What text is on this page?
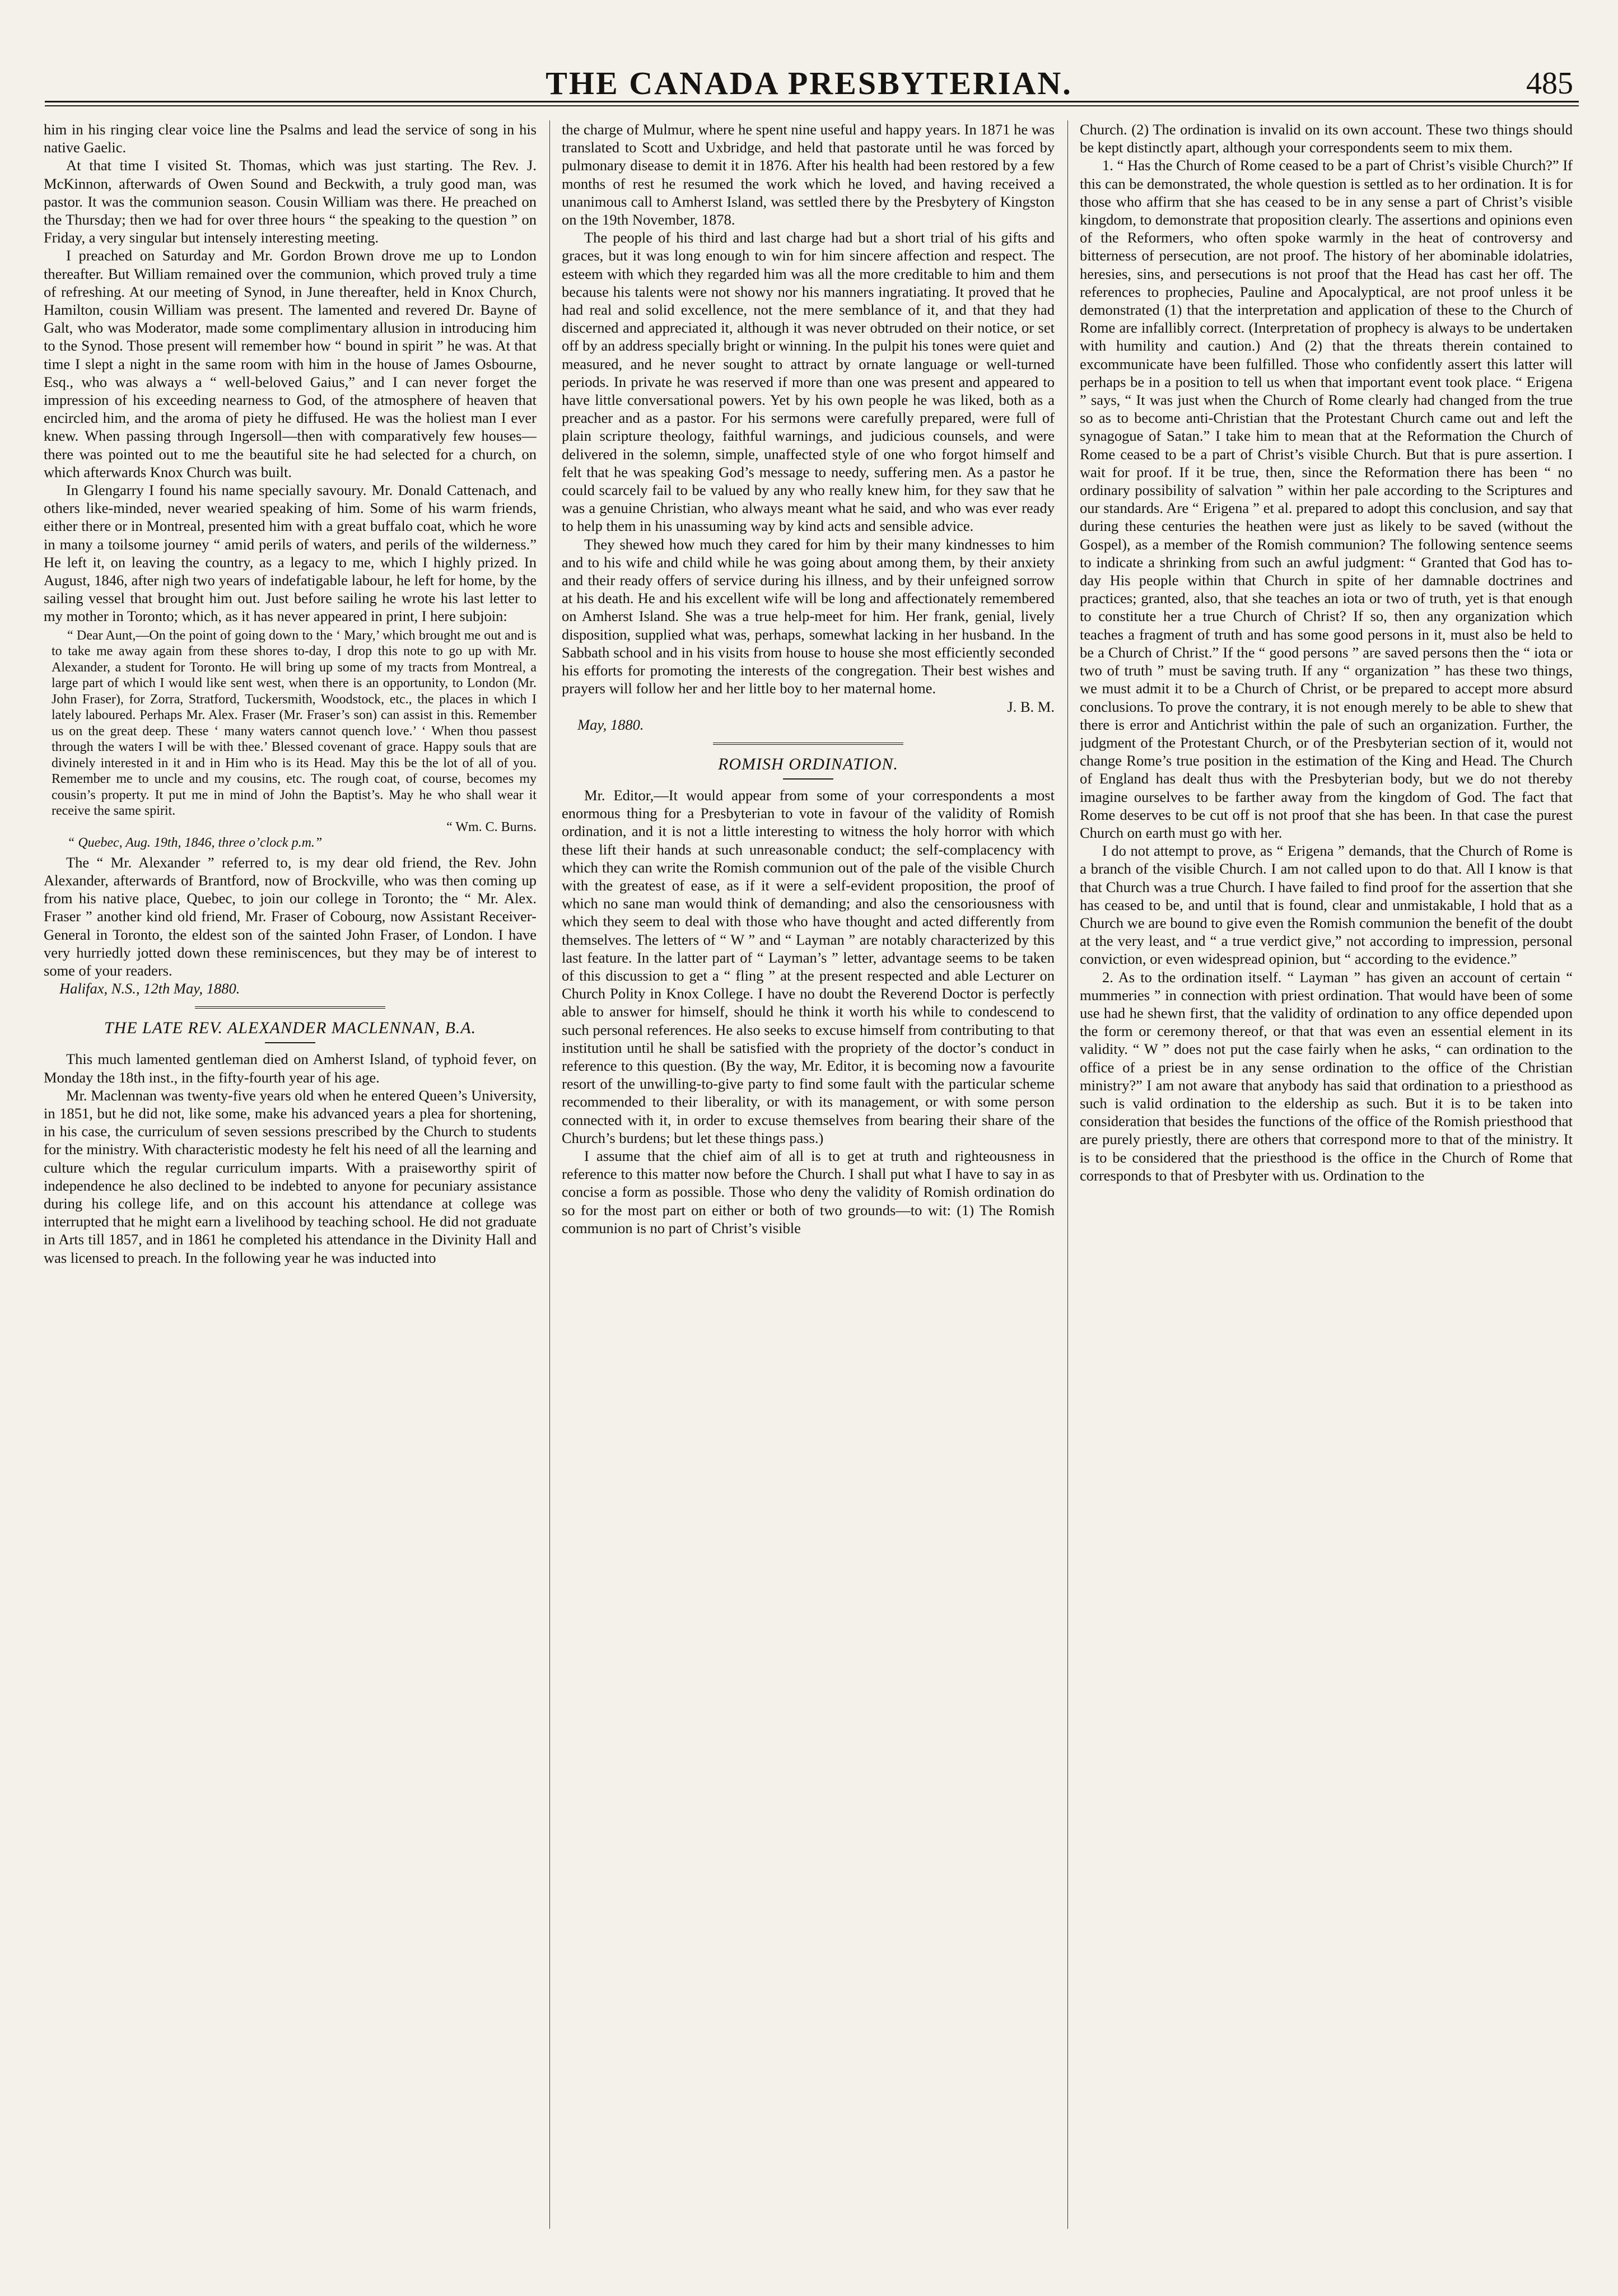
THE CANADA PRESBYTERIAN.	485

him in his ringing clear voice line the Psalms and lead the service of song in his native Gaelic.

At that time I visited St. Thomas, which was just starting. The Rev. J. McKinnon, afterwards of Owen Sound and Beckwith, a truly good man, was pastor. It was the communion season. Cousin William was there. He preached on the Thursday; then we had for over three hours “ the speaking to the question ” on Friday, a very singular but intensely interesting meeting.

I preached on Saturday and Mr. Gordon Brown drove me up to London thereafter. But William remained over the communion, which proved truly a time of refreshing. At our meeting of Synod, in June thereafter, held in Knox Church, Hamilton, cousin William was present. The lamented and revered Dr. Bayne of Galt, who was Moderator, made some complimentary allusion in introducing him to the Synod. Those present will remember how “ bound in spirit ” he was. At that time I slept a night in the same room with him in the house of James Osbourne, Esq., who was always a “ well-beloved Gaius,” and I can never forget the impression of his exceeding nearness to God, of the atmosphere of heaven that encircled him, and the aroma of piety he diffused. He was the holiest man I ever knew. When passing through Ingersoll—then with comparatively few houses—there was pointed out to me the beautiful site he had selected for a church, on which afterwards Knox Church was built.

In Glengarry I found his name specially savoury. Mr. Donald Cattenach, and others like-minded, never wearied speaking of him. Some of his warm friends, either there or in Montreal, presented him with a great buffalo coat, which he wore in many a toilsome journey “ amid perils of waters, and perils of the wilderness.” He left it, on leaving the country, as a legacy to me, which I highly prized. In August, 1846, after nigh two years of indefatigable labour, he left for home, by the sailing vessel that brought him out. Just before sailing he wrote his last letter to my mother in Toronto; which, as it has never appeared in print, I here subjoin:

“ Dear Aunt,—On the point of going down to the ‘ Mary,’ which brought me out and is to take me away again from these shores to-day, I drop this note to go up with Mr. Alexander, a student for Toronto. He will bring up some of my tracts from Montreal, a large part of which I would like sent west, when there is an opportunity, to London (Mr. John Fraser), for Zorra, Stratford, Tuckersmith, Woodstock, etc., the places in which I lately laboured. Perhaps Mr. Alex. Fraser (Mr. Fraser’s son) can assist in this. Remember us on the great deep. These ‘ many waters cannot quench love.’ ‘ When thou passest through the waters I will be with thee.’ Blessed covenant of grace. Happy souls that are divinely interested in it and in Him who is its Head. May this be the lot of all of you. Remember me to uncle and my cousins, etc. The rough coat, of course, becomes my cousin’s property. It put me in mind of John the Baptist’s. May he who shall wear it receive the same spirit.

“ Wm. C. Burns.
“ Quebec, Aug. 19th, 1846, three o’clock p.m.”

The “ Mr. Alexander ” referred to, is my dear old friend, the Rev. John Alexander, afterwards of Brantford, now of Brockville, who was then coming up from his native place, Quebec, to join our college in Toronto; the “ Mr. Alex. Fraser ” another kind old friend, Mr. Fraser of Cobourg, now Assistant Receiver-General in Toronto, the eldest son of the sainted John Fraser, of London. I have very hurriedly jotted down these reminiscences, but they may be of interest to some of your readers.

Halifax, N.S., 12th May, 1880.

THE LATE REV. ALEXANDER MACLENNAN, B.A.

This much lamented gentleman died on Amherst Island, of typhoid fever, on Monday the 18th inst., in the fifty-fourth year of his age.

Mr. Maclennan was twenty-five years old when he entered Queen’s University, in 1851, but he did not, like some, make his advanced years a plea for shortening, in his case, the curriculum of seven sessions prescribed by the Church to students for the ministry. With characteristic modesty he felt his need of all the learning and culture which the regular curriculum imparts. With a praiseworthy spirit of independence he also declined to be indebted to anyone for pecuniary assistance during his college life, and on this account his attendance at college was interrupted that he might earn a livelihood by teaching school. He did not graduate in Arts till 1857, and in 1861 he completed his attendance in the Divinity Hall and was licensed to preach. In the following year he was inducted into

the charge of Mulmur, where he spent nine useful and happy years. In 1871 he was translated to Scott and Uxbridge, and held that pastorate until he was forced by pulmonary disease to demit it in 1876. After his health had been restored by a few months of rest he resumed the work which he loved, and having received a unanimous call to Amherst Island, was settled there by the Presbytery of Kingston on the 19th November, 1878.

The people of his third and last charge had but a short trial of his gifts and graces, but it was long enough to win for him sincere affection and respect. The esteem with which they regarded him was all the more creditable to him and them because his talents were not showy nor his manners ingratiating. It proved that he had real and solid excellence, not the mere semblance of it, and that they had discerned and appreciated it, although it was never obtruded on their notice, or set off by an address specially bright or winning. In the pulpit his tones were quiet and measured, and he never sought to attract by ornate language or well-turned periods. In private he was reserved if more than one was present and appeared to have little conversational powers. Yet by his own people he was liked, both as a preacher and as a pastor. For his sermons were carefully prepared, were full of plain scripture theology, faithful warnings, and judicious counsels, and were delivered in the solemn, simple, unaffected style of one who forgot himself and felt that he was speaking God’s message to needy, suffering men. As a pastor he could scarcely fail to be valued by any who really knew him, for they saw that he was a genuine Christian, who always meant what he said, and who was ever ready to help them in his unassuming way by kind acts and sensible advice.

They shewed how much they cared for him by their many kindnesses to him and to his wife and child while he was going about among them, by their anxiety and their ready offers of service during his illness, and by their unfeigned sorrow at his death. He and his excellent wife will be long and affectionately remembered on Amherst Island. She was a true help-meet for him. Her frank, genial, lively disposition, supplied what was, perhaps, somewhat lacking in her husband. In the Sabbath school and in his visits from house to house she most efficiently seconded his efforts for promoting the interests of the congregation. Their best wishes and prayers will follow her and her little boy to her maternal home.

J. B. M.

May, 1880.

ROMISH ORDINATION.

Mr. Editor,—It would appear from some of your correspondents a most enormous thing for a Presbyterian to vote in favour of the validity of Romish ordination, and it is not a little interesting to witness the holy horror with which these lift their hands at such unreasonable conduct; the self-complacency with which they can write the Romish communion out of the pale of the visible Church with the greatest of ease, as if it were a self-evident proposition, the proof of which no sane man would think of demanding; and also the censoriousness with which they seem to deal with those who have thought and acted differently from themselves. The letters of “ W ” and “ Layman ” are notably characterized by this last feature. In the latter part of “ Layman’s ” letter, advantage seems to be taken of this discussion to get a “ fling ” at the present respected and able Lecturer on Church Polity in Knox College. I have no doubt the Reverend Doctor is perfectly able to answer for himself, should he think it worth his while to condescend to such personal references. He also seeks to excuse himself from contributing to that institution until he shall be satisfied with the propriety of the doctor’s conduct in reference to this question. (By the way, Mr. Editor, it is becoming now a favourite resort of the unwilling-to-give party to find some fault with the particular scheme recommended to their liberality, or with its management, or with some person connected with it, in order to excuse themselves from bearing their share of the Church’s burdens; but let these things pass.)

I assume that the chief aim of all is to get at truth and righteousness in reference to this matter now before the Church. I shall put what I have to say in as concise a form as possible. Those who deny the validity of Romish ordination do so for the most part on either or both of two grounds—to wit: (1) The Romish communion is no part of Christ’s visible

Church. (2) The ordination is invalid on its own account. These two things should be kept distinctly apart, although your correspondents seem to mix them.

1. “ Has the Church of Rome ceased to be a part of Christ’s visible Church?” If this can be demonstrated, the whole question is settled as to her ordination. It is for those who affirm that she has ceased to be in any sense a part of Christ’s visible kingdom, to demonstrate that proposition clearly. The assertions and opinions even of the Reformers, who often spoke warmly in the heat of controversy and bitterness of persecution, are not proof. The history of her abominable idolatries, heresies, sins, and persecutions is not proof that the Head has cast her off. The references to prophecies, Pauline and Apocalyptical, are not proof unless it be demonstrated (1) that the interpretation and application of these to the Church of Rome are infallibly correct. (Interpretation of prophecy is always to be undertaken with humility and caution.) And (2) that the threats therein contained to excommunicate have been fulfilled. Those who confidently assert this latter will perhaps be in a position to tell us when that important event took place. “ Erigena ” says, “ It was just when the Church of Rome clearly had changed from the true so as to become anti-Christian that the Protestant Church came out and left the synagogue of Satan.” I take him to mean that at the Reformation the Church of Rome ceased to be a part of Christ’s visible Church. But that is pure assertion. I wait for proof. If it be true, then, since the Reformation there has been “ no ordinary possibility of salvation ” within her pale according to the Scriptures and our standards. Are “ Erigena ” et al. prepared to adopt this conclusion, and say that during these centuries the heathen were just as likely to be saved (without the Gospel), as a member of the Romish communion? The following sentence seems to indicate a shrinking from such an awful judgment: “ Granted that God has to-day His people within that Church in spite of her damnable doctrines and practices; granted, also, that she teaches an iota or two of truth, yet is that enough to constitute her a true Church of Christ? If so, then any organization which teaches a fragment of truth and has some good persons in it, must also be held to be a Church of Christ.” If the “ good persons ” are saved persons then the “ iota or two of truth ” must be saving truth. If any “ organization ” has these two things, we must admit it to be a Church of Christ, or be prepared to accept more absurd conclusions. To prove the contrary, it is not enough merely to be able to shew that there is error and Antichrist within the pale of such an organization. Further, the judgment of the Protestant Church, or of the Presbyterian section of it, would not change Rome’s true position in the estimation of the King and Head. The Church of England has dealt thus with the Presbyterian body, but we do not thereby imagine ourselves to be farther away from the kingdom of God. The fact that Rome deserves to be cut off is not proof that she has been. In that case the purest Church on earth must go with her.

I do not attempt to prove, as “ Erigena ” demands, that the Church of Rome is a branch of the visible Church. I am not called upon to do that. All I know is that that Church was a true Church. I have failed to find proof for the assertion that she has ceased to be, and until that is found, clear and unmistakable, I hold that as a Church we are bound to give even the Romish communion the benefit of the doubt at the very least, and “ a true verdict give,” not according to impression, personal conviction, or even widespread opinion, but “ according to the evidence.”

2. As to the ordination itself. “ Layman ” has given an account of certain “ mummeries ” in connection with priest ordination. That would have been of some use had he shewn first, that the validity of ordination to any office depended upon the form or ceremony thereof, or that that was even an essential element in its validity. “ W ” does not put the case fairly when he asks, “ can ordination to the office of a priest be in any sense ordination to the office of the Christian ministry?” I am not aware that anybody has said that ordination to a priesthood as such is valid ordination to the eldership as such. But it is to be taken into consideration that besides the functions of the office of the Romish priesthood that are purely priestly, there are others that correspond more to that of the ministry. It is to be considered that the priesthood is the office in the Church of Rome that corresponds to that of Presbyter with us. Ordination to the
